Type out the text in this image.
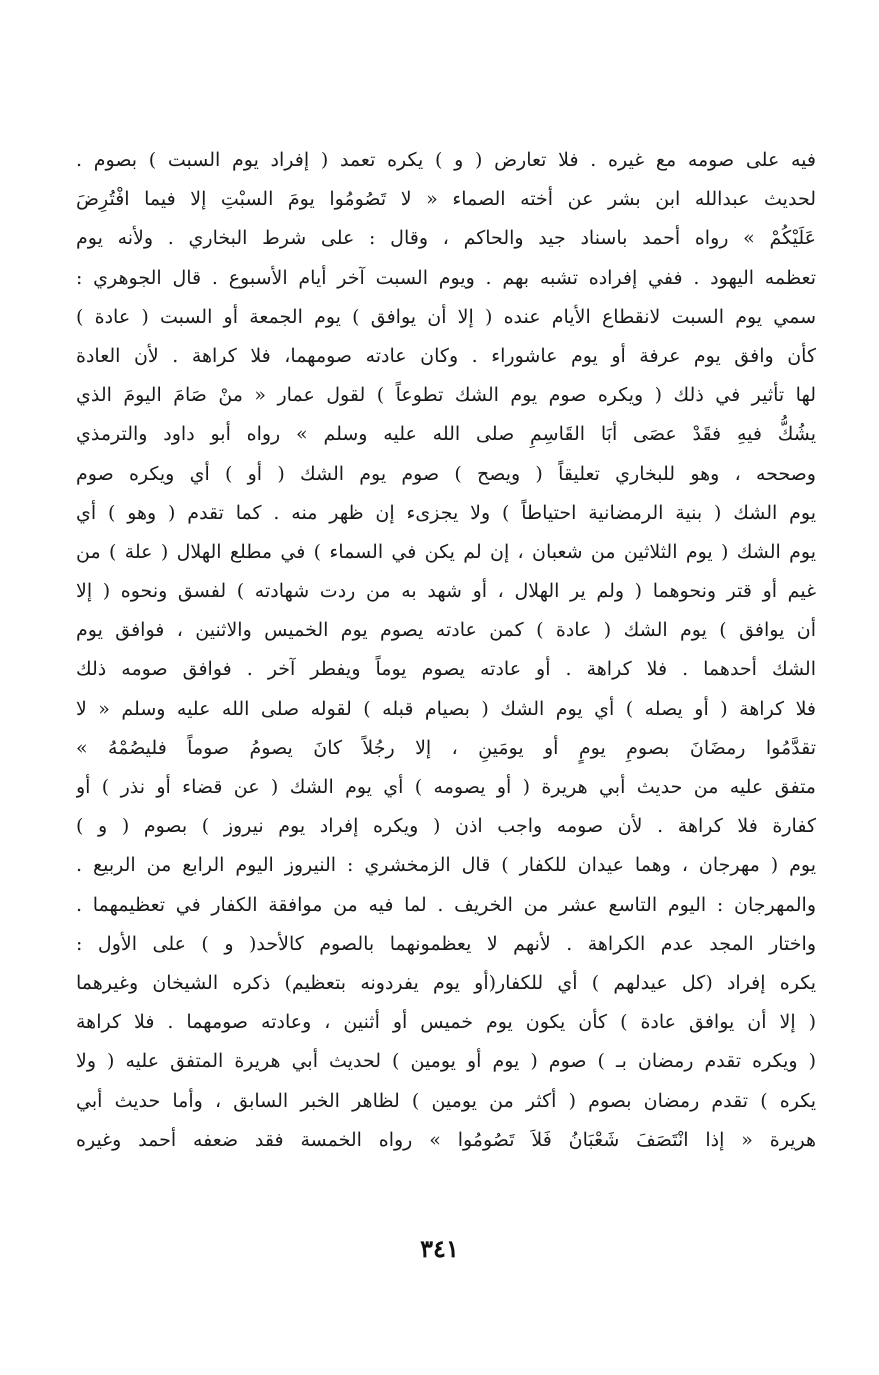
فيه على صومه مع غيره . فلا تعارض ( و ) يكره تعمد ( إفراد يوم السبت ) بصوم .
لحديث عبدالله ابن بشر عن أخته الصماء « لا تَصُومُوا يومَ السبْتِ إلا فيما افْتُرِضَ
عَلَيْكُمْ » رواه أحمد باسناد جيد والحاكم ، وقال : على شرط البخاري . ولأنه يوم
تعظمه اليهود . ففي إفراده تشبه بهم . ويوم السبت آخر أيام الأسبوع . قال الجوهري :
سمي يوم السبت لانقطاع الأيام عنده ( إلا أن يوافق ) يوم الجمعة أو السبت ( عادة )
كأن وافق يوم عرفة أو يوم عاشوراء . وكان عادته صومهما، فلا كراهة . لأن العادة
لها تأثير في ذلك ( ويكره صوم يوم الشك تطوعاً ) لقول عمار « منْ صَامَ اليومَ الذي
يشُكُّ فيهِ فقَدْ عصَى أبَا القَاسِمِ صلى الله عليه وسلم » رواه أبو داود والترمذي
وصححه ، وهو للبخاري تعليقاً ( ويصح ) صوم يوم الشك ( أو ) أي ويكره صوم
يوم الشك ( بنية الرمضانية احتياطاً ) ولا يجزىء إن ظهر منه . كما تقدم ( وهو ) أي
يوم الشك ( يوم الثلاثين من شعبان ، إن لم يكن في السماء ) في مطلع الهلال ( علة ) من
غيم أو قتر ونحوهما ( ولم ير الهلال ، أو شهد به من ردت شهادته ) لفسق ونحوه ( إلا
أن يوافق ) يوم الشك ( عادة ) كمن عادته يصوم يوم الخميس والاثنين ، فوافق يوم
الشك أحدهما . فلا كراهة . أو عادته يصوم يوماً ويفطر آخر . فوافق صومه ذلك
فلا كراهة ( أو يصله ) أي يوم الشك ( بصيام قبله ) لقوله صلى الله عليه وسلم « لا
تقدَّمُوا رمضَانَ بصومِ يومٍ أو يومَينِ ، إلا رجُلاً كانَ يصومُ صوماً فليصُمْهُ »
متفق عليه من حديث أبي هريرة ( أو يصومه ) أي يوم الشك ( عن قضاء أو نذر ) أو
كفارة فلا كراهة . لأن صومه واجب اذن ( ويكره إفراد يوم نيروز ) بصوم ( و )
يوم ( مهرجان ، وهما عيدان للكفار ) قال الزمخشري : النيروز اليوم الرابع من الربيع .
والمهرجان : اليوم التاسع عشر من الخريف . لما فيه من موافقة الكفار في تعظيمهما .
واختار المجد عدم الكراهة . لأنهم لا يعظمونهما بالصوم كالأحد( و ) على الأول :
يكره إفراد (كل عيدلهم ) أي للكفار(أو يوم يفردونه بتعظيم) ذكره الشيخان وغيرهما
( إلا أن يوافق عادة ) كأن يكون يوم خميس أو أثنين ، وعادته صومهما . فلا كراهة
( ويكره تقدم رمضان بـ ) صوم ( يوم أو يومين ) لحديث أبي هريرة المتفق عليه ( ولا
يكره ) تقدم رمضان بصوم ( أكثر من يومين ) لظاهر الخبر السابق ، وأما حديث أبي
هريرة « إذا انْتَصَفَ شَعْبَانُ فَلاَ تَصُومُوا » رواه الخمسة فقد ضعفه أحمد وغيره
٣٤١
